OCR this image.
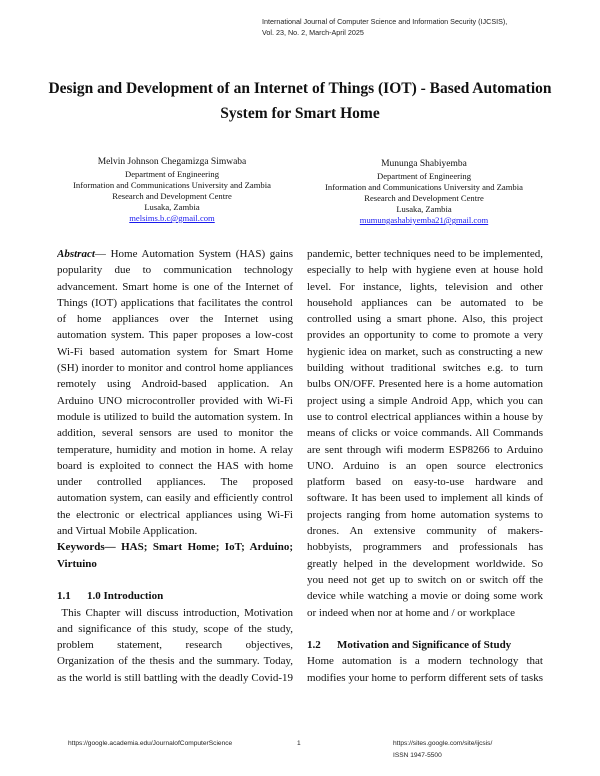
International Journal of Computer Science and Information Security (IJCSIS),
Vol. 23, No. 2, March-April 2025
Design and Development of an Internet of Things (IOT) - Based Automation
System for Smart Home
Melvin Johnson Chegamizga Simwaba
Department of Engineering
Information and Communications University and Zambia
Research and Development Centre
Lusaka, Zambia
melsims.b.c@gmail.com
Mununga Shabiyemba
Department of Engineering
Information and Communications University and Zambia
Research and Development Centre
Lusaka, Zambia
mumungashabiyemba21@gmail.com
Abstract— Home Automation System (HAS) gains
popularity due to communication technology
advancement. Smart home is one of the Internet of
Things (IOT) applications that facilitates the control
of home appliances over the Internet using
automation system. This paper proposes a low-cost
Wi-Fi based automation system for Smart Home
(SH) inorder to monitor and control home appliances
remotely using Android-based application. An
Arduino UNO microcontroller provided with Wi-Fi
module is utilized to build the automation system. In
addition, several sensors are used to monitor the
temperature, humidity and motion in home. A relay
board is exploited to connect the HAS with home
under controlled appliances. The proposed
automation system, can easily and efficiently control
the electronic or electrical appliances using Wi-Fi
and Virtual Mobile Application.
Keywords— HAS; Smart Home; IoT; Arduino;
Virtuino
1.1 1.0 Introduction
This Chapter will discuss introduction, Motivation
and significance of this study, scope of the study,
problem statement, research objectives,
Organization of the thesis and the summary. Today,
as the world is still battling with the deadly Covid-19
pandemic, better techniques need to be implemented,
especially to help with hygiene even at house hold
level. For instance, lights, television and other
household appliances can be automated to be
controlled using a smart phone. Also, this project
provides an opportunity to come to promote a very
hygienic idea on market, such as constructing a new
building without traditional switches e.g. to turn
bulbs ON/OFF. Presented here is a home automation
project using a simple Android App, which you can
use to control electrical appliances within a house by
means of clicks or voice commands. All Commands
are sent through wifi moderm ESP8266 to Arduino
UNO. Arduino is an open source electronics
platform based on easy-to-use hardware and
software. It has been used to implement all kinds of
projects ranging from home automation systems to
drones. An extensive community of makers-
hobbyists, programmers and professionals has
greatly helped in the development worldwide. So
you need not get up to switch on or switch off the
device while watching a movie or doing some work
or indeed when nor at home and / or workplace
1.2 Motivation and Significance of Study
Home automation is a modern technology that
modifies your home to perform different sets of tasks
https://google.academia.edu/JournalofComputerScience	1	https://sites.google.com/site/ijcsis/
ISSN 1947-5500
